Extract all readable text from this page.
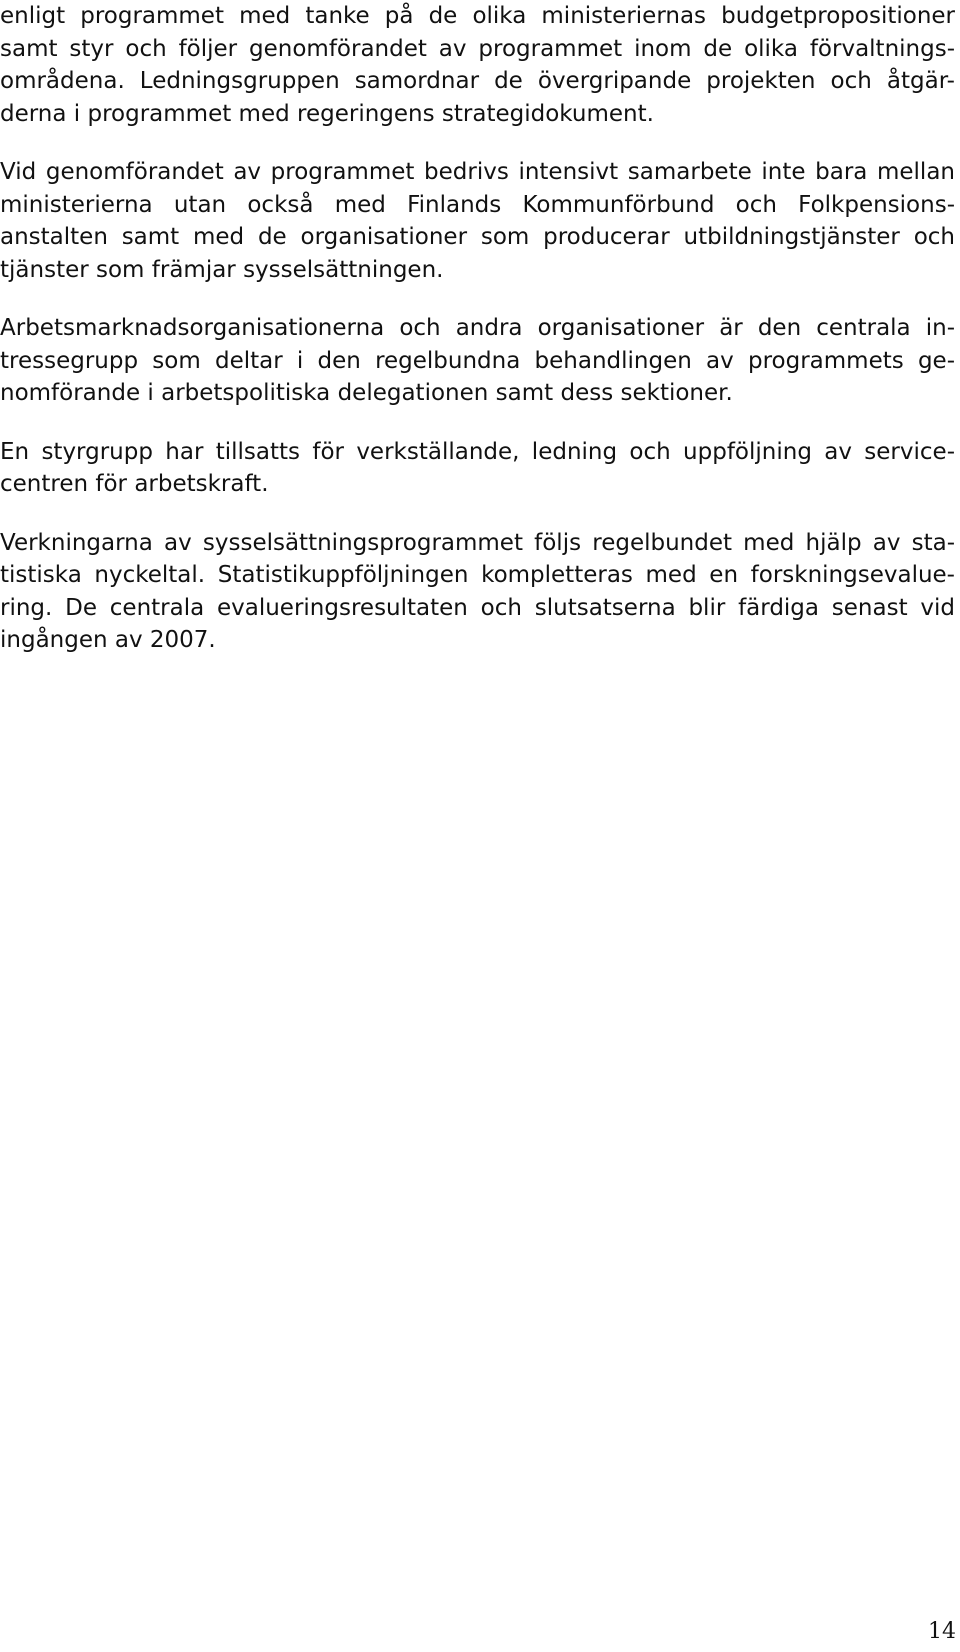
enligt programmet med tanke på de olika ministeriernas budgetpropositioner
samt styr och följer genomförandet av programmet inom de olika förvaltnings-
områdena. Ledningsgruppen samordnar de övergripande projekten och åtgär-
derna i programmet med regeringens strategidokument.

Vid genomförandet av programmet bedrivs intensivt samarbete inte bara mellan
ministerierna utan också med Finlands Kommunförbund och Folkpensions-
anstalten samt med de organisationer som producerar utbildningstjänster och
tjänster som främjar sysselsättningen.

Arbetsmarknadsorganisationerna och andra organisationer är den centrala in-
tressegrupp som deltar i den regelbundna behandlingen av programmets ge-
nomförande i arbetspolitiska delegationen samt dess sektioner.

En styrgrupp har tillsatts för verkställande, ledning och uppföljning av service-
centren för arbetskraft.

Verkningarna av sysselsättningsprogrammet följs regelbundet med hjälp av sta-
tistiska nyckeltal. Statistikuppföljningen kompletteras med en forskningsevalue-
ring. De centrala evalueringsresultaten och slutsatserna blir färdiga senast vid
ingången av 2007.

14
